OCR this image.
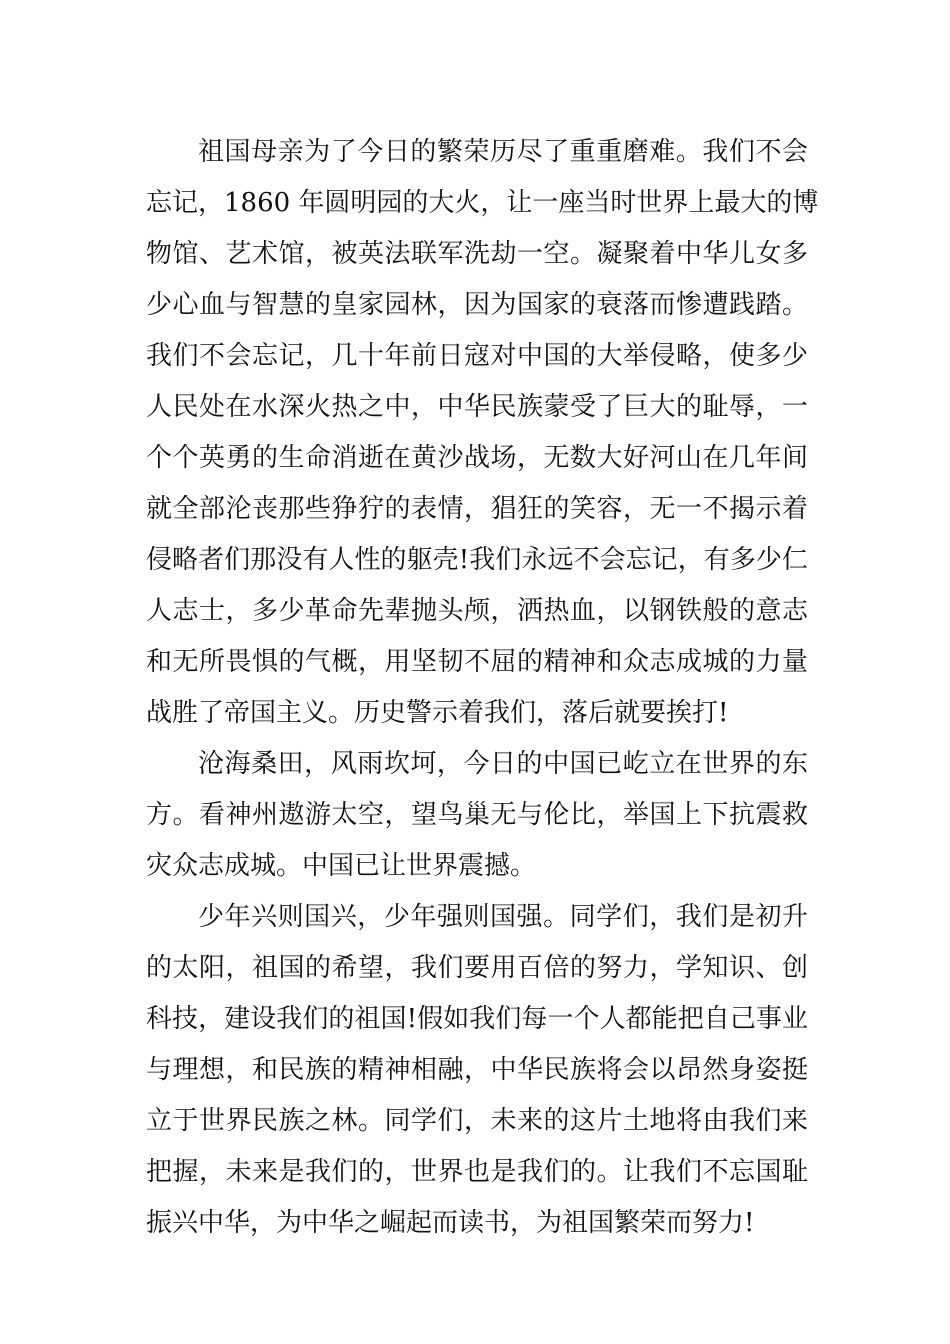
祖国母亲为了今日的繁荣历尽了重重磨难。我们不会
忘记，1860 年圆明园的大火，让一座当时世界上最大的博
物馆、艺术馆，被英法联军洗劫一空。凝聚着中华儿女多
少心血与智慧的皇家园林，因为国家的衰落而惨遭践踏。
我们不会忘记，几十年前日寇对中国的大举侵略，使多少
人民处在水深火热之中，中华民族蒙受了巨大的耻辱，一
个个英勇的生命消逝在黄沙战场，无数大好河山在几年间
就全部沦丧那些狰狞的表情，猖狂的笑容，无一不揭示着
侵略者们那没有人性的躯壳!我们永远不会忘记，有多少仁
人志士，多少革命先辈抛头颅，洒热血，以钢铁般的意志
和无所畏惧的气概，用坚韧不屈的精神和众志成城的力量
战胜了帝国主义。历史警示着我们，落后就要挨打!
沧海桑田，风雨坎坷，今日的中国已屹立在世界的东
方。看神州遨游太空，望鸟巢无与伦比，举国上下抗震救
灾众志成城。中国已让世界震撼。
少年兴则国兴，少年强则国强。同学们，我们是初升
的太阳，祖国的希望，我们要用百倍的努力，学知识、创
科技，建设我们的祖国!假如我们每一个人都能把自己事业
与理想，和民族的精神相融，中华民族将会以昂然身姿挺
立于世界民族之林。同学们，未来的这片土地将由我们来
把握，未来是我们的，世界也是我们的。让我们不忘国耻
振兴中华，为中华之崛起而读书，为祖国繁荣而努力!
